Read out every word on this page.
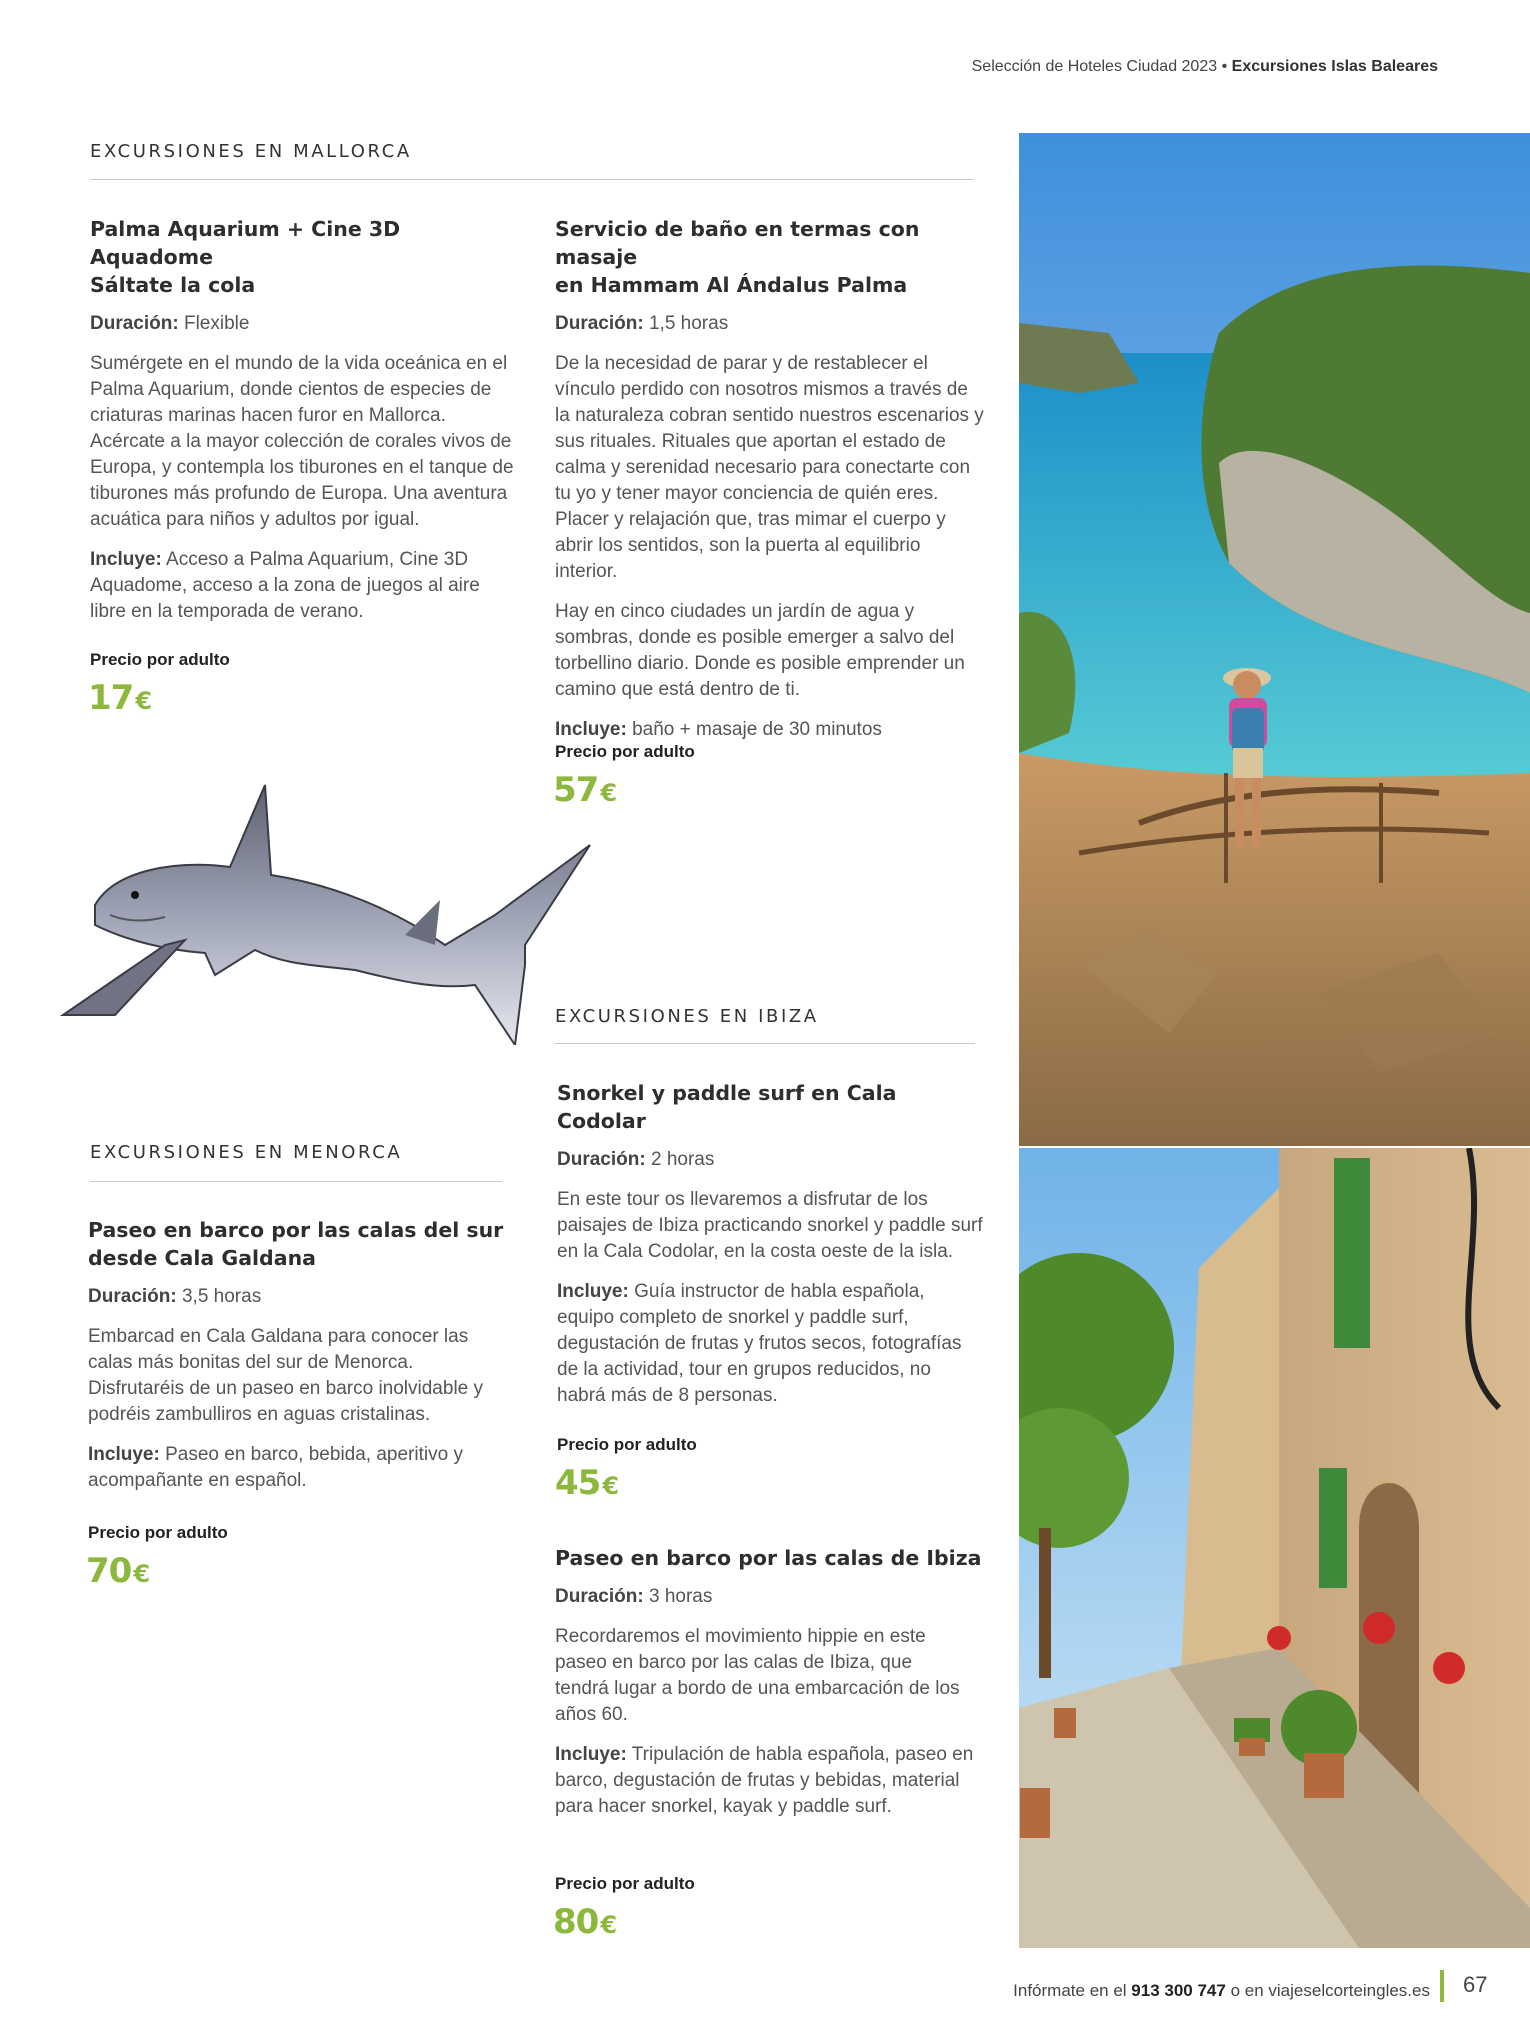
Selección de Hoteles Ciudad 2023 • Excursiones Islas Baleares
EXCURSIONES EN MALLORCA
Palma Aquarium + Cine 3D Aquadome
Sáltate la cola
Duración: Flexible

Sumérgete en el mundo de la vida oceánica en el Palma Aquarium, donde cientos de especies de criaturas marinas hacen furor en Mallorca. Acércate a la mayor colección de corales vivos de Europa, y contempla los tiburones en el tanque de tiburones más profundo de Europa. Una aventura acuática para niños y adultos por igual.

Incluye: Acceso a Palma Aquarium, Cine 3D Aquadome, acceso a la zona de juegos al aire libre en la temporada de verano.

Precio por adulto
17€
Servicio de baño en termas con masaje
en Hammam Al Ándalus Palma
Duración: 1,5 horas

De la necesidad de parar y de restablecer el vínculo perdido con nosotros mismos a través de la naturaleza cobran sentido nuestros escenarios y sus rituales. Rituales que aportan el estado de calma y serenidad necesario para conectarte con tu yo y tener mayor conciencia de quién eres. Placer y relajación que, tras mimar el cuerpo y abrir los sentidos, son la puerta al equilibrio interior.

Hay en cinco ciudades un jardín de agua y sombras, donde es posible emerger a salvo del torbellino diario. Donde es posible emprender un camino que está dentro de ti.

Incluye: baño + masaje de 30 minutos

Precio por adulto
57€
EXCURSIONES EN MENORCA
Paseo en barco por las calas del sur
desde Cala Galdana
Duración: 3,5 horas

Embarcad en Cala Galdana para conocer las calas más bonitas del sur de Menorca. Disfrutaréis de un paseo en barco inolvidable y podréis zambulliros en aguas cristalinas.

Incluye: Paseo en barco, bebida, aperitivo y acompañante en español.

Precio por adulto
70€
EXCURSIONES EN IBIZA
Snorkel y paddle surf en Cala Codolar
Duración: 2 horas

En este tour os llevaremos a disfrutar de los paisajes de Ibiza practicando snorkel y paddle surf en la Cala Codolar, en la costa oeste de la isla.

Incluye: Guía instructor de habla española, equipo completo de snorkel y paddle surf, degustación de frutas y frutos secos, fotografías de la actividad, tour en grupos reducidos, no habrá más de 8 personas.

Precio por adulto
45€
Paseo en barco por las calas de Ibiza
Duración: 3 horas

Recordaremos el movimiento hippie en este paseo en barco por las calas de Ibiza, que tendrá lugar a bordo de una embarcación de los años 60.

Incluye: Tripulación de habla española, paseo en barco, degustación de frutas y bebidas, material para hacer snorkel, kayak y paddle surf.

Precio por adulto
80€
Infórmate en el 913 300 747 o en viajeselcorteingles.es 67
